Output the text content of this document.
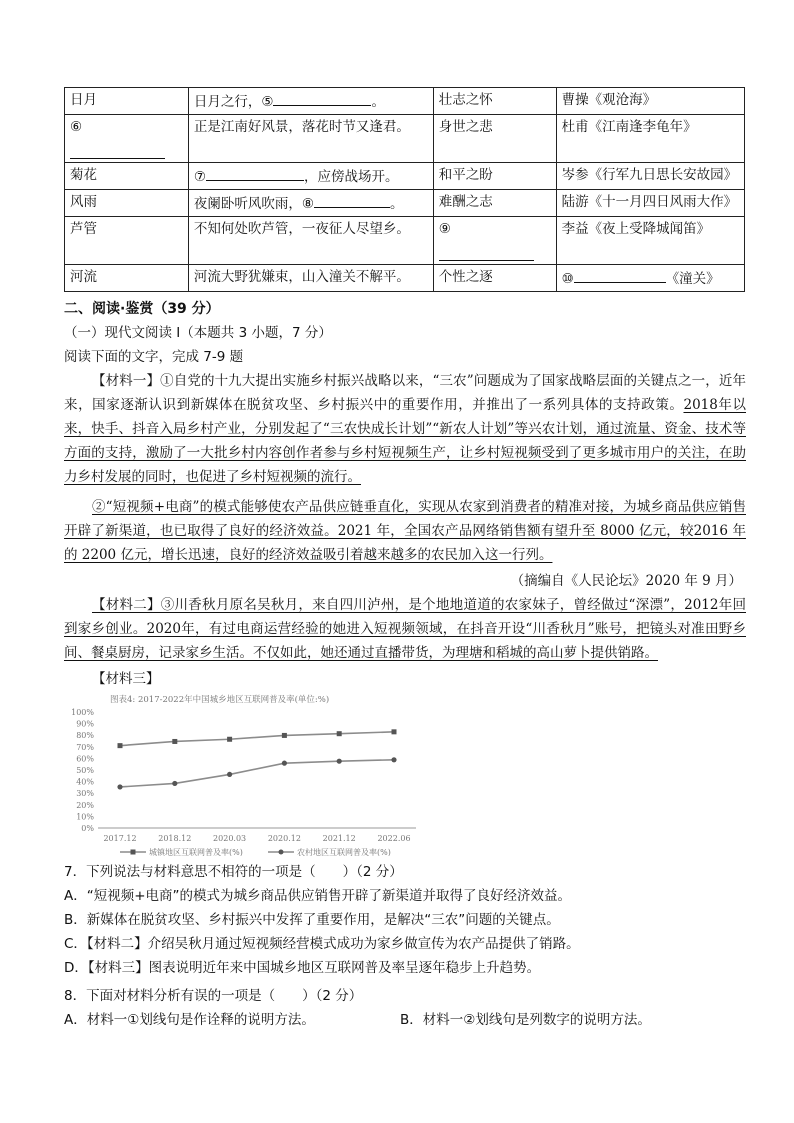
日月	日月之行，⑤ 。	壮志之怀	曹操《观沧海》
⑥	正是江南好风景，落花时节又逢君。	身世之悲	杜甫《江南逢李龟年》
菊花	⑦ ，应傍战场开。	和平之盼	岑参《行军九日思长安故园》
风雨	夜阑卧听风吹雨，⑧ 。	难酬之志	陆游《十一月四日风雨大作》
芦管	不知何处吹芦管，一夜征人尽望乡。	⑨	李益《夜上受降城闻笛》
河流	河流大野犹嫌束，山入潼关不解平。	个性之逐	⑩ 《潼关》
二、阅读·鉴赏（39 分）
（一）现代文阅读 I（本题共 3 小题，7 分）
阅读下面的文字，完成 7-9 题
【材料一】①自党的十九大提出实施乡村振兴战略以来，“三农”问题成为了国家战略层面的关键点之一，近年来，国家逐渐认识到新媒体在脱贫攻坚、乡村振兴中的重要作用，并推出了一系列具体的支持政策。2018年以来，快手、抖音入局乡村产业，分别发起了“三农快成长计划”“新农人计划”等兴农计划，通过流量、资金、技术等方面的支持，激励了一大批乡村内容创作者参与乡村短视频生产，让乡村短视频受到了更多城市用户的关注，在助力乡村发展的同时，也促进了乡村短视频的流行。
②“短视频+电商”的模式能够使农产品供应链垂直化，实现从农家到消费者的精准对接，为城乡商品供应销售开辟了新渠道，也已取得了良好的经济效益。2021 年，全国农产品网络销售额有望升至 8000 亿元，较2016 年的 2200 亿元，增长迅速，良好的经济效益吸引着越来越多的农民加入这一行列。
（摘编自《人民论坛》2020 年 9 月）
【材料二】③川香秋月原名吴秋月，来自四川泸州，是个地地道道的农家妹子，曾经做过“深漂”，2012年回到家乡创业。2020年，有过电商运营经验的她进入短视频领域，在抖音开设“川香秋月”账号，把镜头对准田野乡间、餐桌厨房，记录家乡生活。不仅如此，她还通过直播带货，为理塘和稻城的高山萝卜提供销路。
【材料三】
图表4: 2017-2022年中国城乡地区互联网普及率(单位:%)
0%
10%
20%
30%
40%
50%
60%
70%
80%
90%
100%
2017.12	2018.12	2020.03	2020.12	2021.12	2022.06
城镇地区互联网普及率(%)	农村地区互联网普及率(%)
7．下列说法与材料意思不相符的一项是（　　）（2 分）
A．“短视频+电商”的模式为城乡商品供应销售开辟了新渠道并取得了良好经济效益。
B．新媒体在脱贫攻坚、乡村振兴中发挥了重要作用，是解决“三农”问题的关键点。
C．【材料二】介绍吴秋月通过短视频经营模式成功为家乡做宣传为农产品提供了销路。
D．【材料三】图表说明近年来中国城乡地区互联网普及率呈逐年稳步上升趋势。
8．下面对材料分析有误的一项是（　　）（2 分）
A．材料一①划线句是作诠释的说明方法。	B．材料一②划线句是列数字的说明方法。
